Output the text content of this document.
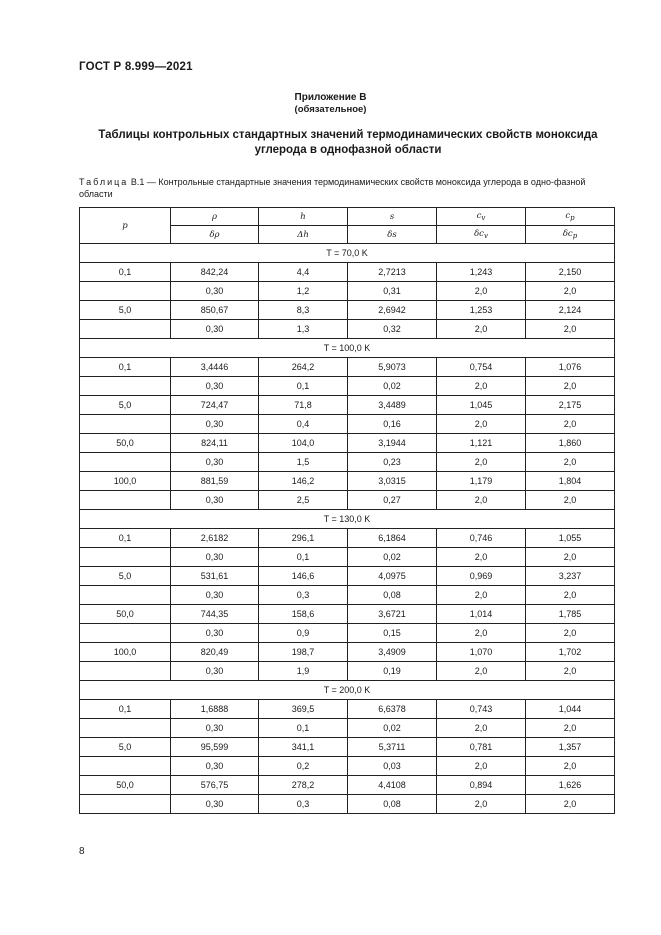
ГОСТ Р 8.999—2021
Приложение В
(обязательное)
Таблицы контрольных стандартных значений термодинамических свойств моноксида углерода в однофазной области
Таблица В.1 — Контрольные стандартные значения термодинамических свойств моноксида углерода в одно-фазной области
p	ρ	h	s	$c_v$	$c_p$
	δρ	Δh	δs	$\delta c_v$	$\delta c_p$
T = 70,0 K					
0,1	842,24	4,4	2,7213	1,243	2,150
	0,30	1,2	0,31	2,0	2,0
5,0	850,67	8,3	2,6942	1,253	2,124
	0,30	1,3	0,32	2,0	2,0
T = 100,0 K					
0,1	3,4446	264,2	5,9073	0,754	1,076
	0,30	0,1	0,02	2,0	2,0
5,0	724,47	71,8	3,4489	1,045	2,175
	0,30	0,4	0,16	2,0	2,0
50,0	824,11	104,0	3,1944	1,121	1,860
	0,30	1,5	0,23	2,0	2,0
100,0	881,59	146,2	3,0315	1,179	1,804
	0,30	2,5	0,27	2,0	2,0
T = 130,0 K					
0,1	2,6182	296,1	6,1864	0,746	1,055
	0,30	0,1	0,02	2,0	2,0
5,0	531,61	146,6	4,0975	0,969	3,237
	0,30	0,3	0,08	2,0	2,0
50,0	744,35	158,6	3,6721	1,014	1,785
	0,30	0,9	0,15	2,0	2,0
100,0	820,49	198,7	3,4909	1,070	1,702
	0,30	1,9	0,19	2,0	2,0
T = 200,0 K					
0,1	1,6888	369,5	6,6378	0,743	1,044
	0,30	0,1	0,02	2,0	2,0
5,0	95,599	341,1	5,3711	0,781	1,357
	0,30	0,2	0,03	2,0	2,0
50,0	576,75	278,2	4,4108	0,894	1,626
	0,30	0,3	0,08	2,0	2,0
8
